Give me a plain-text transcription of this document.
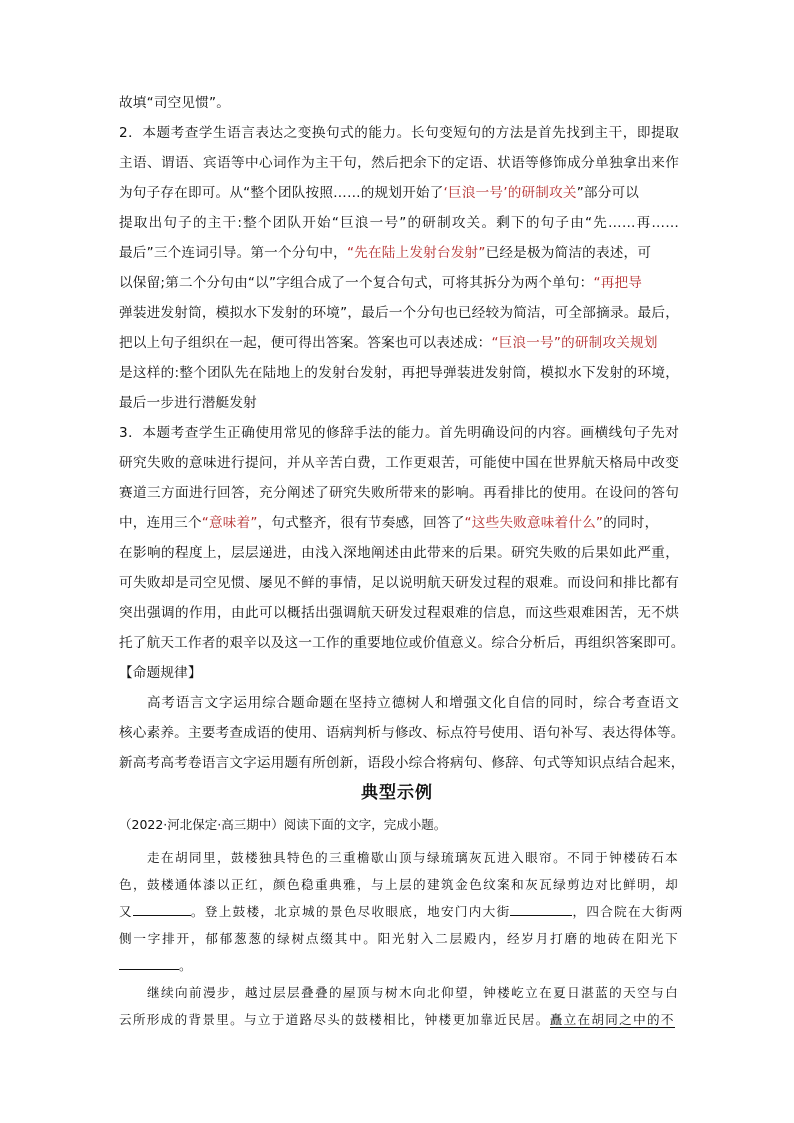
故填“司空见惯”。
2．本题考查学生语言表达之变换句式的能力。长句变短句的方法是首先找到主干，即提取
主语、谓语、宾语等中心词作为主干句，然后把余下的定语、状语等修饰成分单独拿出来作
为句子存在即可。从“整个团队按照……的规划开始了‘巨浪一号’的研制攻关”部分可以
提取出句子的主干:整个团队开始“巨浪一号”的研制攻关。剩下的句子由“先……再……
最后”三个连词引导。第一个分句中，“先在陆上发射台发射”已经是极为简洁的表述，可
以保留;第二个分句由“以”字组合成了一个复合句式，可将其拆分为两个单句：“再把导
弹装进发射筒，模拟水下发射的环境”，最后一个分句也已经较为简洁，可全部摘录。最后，
把以上句子组织在一起，便可得出答案。答案也可以表述成：“巨浪一号”的研制攻关规划
是这样的:整个团队先在陆地上的发射台发射，再把导弹装进发射筒，模拟水下发射的环境，
最后一步进行潜艇发射
3．本题考查学生正确使用常见的修辞手法的能力。首先明确设问的内容。画横线句子先对
研究失败的意味进行提问，并从辛苦白费，工作更艰苦，可能使中国在世界航天格局中改变
赛道三方面进行回答，充分阐述了研究失败所带来的影响。再看排比的使用。在设问的答句
中，连用三个“意味着”，句式整齐，很有节奏感，回答了“这些失败意味着什么”的同时，
在影响的程度上，层层递进，由浅入深地阐述由此带来的后果。研究失败的后果如此严重，
可失败却是司空见惯、屡见不鲜的事情，足以说明航天研发过程的艰难。而设问和排比都有
突出强调的作用，由此可以概括出强调航天研发过程艰难的信息，而这些艰难困苦，无不烘
托了航天工作者的艰辛以及这一工作的重要地位或价值意义。综合分析后，再组织答案即可。
【命题规律】
高考语言文字运用综合题命题在坚持立德树人和增强文化自信的同时，综合考查语文
核心素养。主要考查成语的使用、语病判析与修改、标点符号使用、语句补写、表达得体等。
新高考高考卷语言文字运用题有所创新，语段小综合将病句、修辞、句式等知识点结合起来，
典型示例
（2022·河北保定·高三期中）阅读下面的文字，完成小题。
走在胡同里，鼓楼独具特色的三重檐歇山顶与绿琉璃灰瓦进入眼帘。不同于钟楼砖石本
色，鼓楼通体漆以正红，颜色稳重典雅，与上层的建筑金色纹案和灰瓦绿剪边对比鲜明，却
又	。登上鼓楼，北京城的景色尽收眼底，地安门内大街	，四合院在大街两
侧一字排开，郁郁葱葱的绿树点缀其中。阳光射入二层殿内，经岁月打磨的地砖在阳光下
。
继续向前漫步，越过层层叠叠的屋顶与树木向北仰望，钟楼屹立在夏日湛蓝的天空与白
云所形成的背景里。与立于道路尽头的鼓楼相比，钟楼更加靠近民居。矗立在胡同之中的不
